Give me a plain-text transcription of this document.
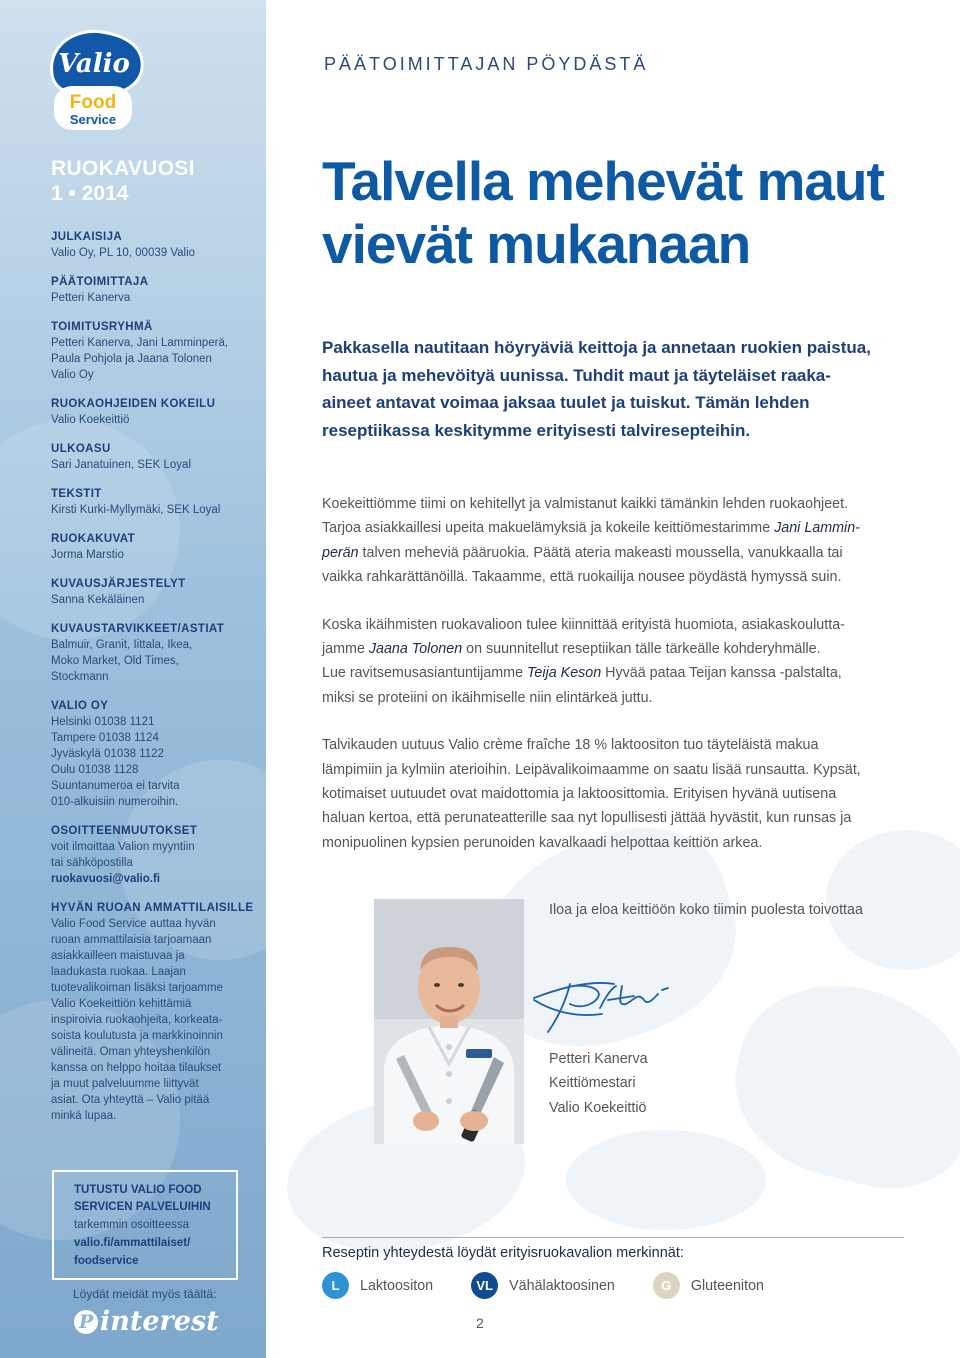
Valio
Food
Service
RUOKAVUOSI
1 • 2014
JULKAISIJA
Valio Oy, PL 10, 00039 Valio
PÄÄTOIMITTAJA
Petteri Kanerva
TOIMITUSRYHMÄ
Petteri Kanerva, Jani Lamminperä,
Paula Pohjola ja Jaana Tolonen
Valio Oy
RUOKAOHJEIDEN KOKEILU
Valio Koekeittiö
ULKOASU
Sari Janatuinen, SEK Loyal
TEKSTIT
Kirsti Kurki-Myllymäki, SEK Loyal
RUOKAKUVAT
Jorma Marstio
KUVAUSJÄRJESTELYT
Sanna Kekäläinen
KUVAUSTARVIKKEET/ASTIAT
Balmuir, Granit, Iittala, Ikea,
Moko Market, Old Times,
Stockmann
VALIO OY
Helsinki 01038 1121
Tampere 01038 1124
Jyväskylä 01038 1122
Oulu 01038 1128
Suuntanumeroa ei tarvita
010-alkuisiin numeroihin.
OSOITTEENMUUTOKSET
voit ilmoittaa Valion myyntiin
tai sähköpostilla
ruokavuosi@valio.fi
HYVÄN RUOAN AMMATTILAISILLE
Valio Food Service auttaa hyvän
ruoan ammattilaisia tarjoamaan
asiakkailleen maistuvaa ja
laadukasta ruokaa. Laajan
tuotevalikoiman lisäksi tarjoamme
Valio Koekeittiön kehittämiä
inspiroivia ruokaohjeita, korkeata-
soista koulutusta ja markkinoinnin
välineitä. Oman yhteyshenkilön
kanssa on helppo hoitaa tilaukset
ja muut palveluumme liittyvät
asiat. Ota yhteyttä – Valio pitää
minkä lupaa.
TUTUSTU VALIO FOOD
SERVICEN PALVELUIHIN
tarkemmin osoitteessa
valio.fi/ammattilaiset/
foodservice
Löydät meidät myös täältä:
P interest
PÄÄTOIMITTAJAN PÖYDÄSTÄ
Talvella mehevät maut
vievät mukanaan
Pakkasella nautitaan höyryäviä keittoja ja annetaan ruokien paistua,
hautua ja mehevöityä uunissa. Tuhdit maut ja täyteläiset raaka-
aineet antavat voimaa jaksaa tuulet ja tuiskut. Tämän lehden
reseptiikassa keskitymme erityisesti talviresepteihin.

Koekeittiömme tiimi on kehitellyt ja valmistanut kaikki tämänkin lehden ruokaohjeet.
Tarjoa asiakkaillesi upeita makuelämyksiä ja kokeile keittiömestarimme Jani Lammin-
perän talven meheviä pääruokia. Päätä ateria makeasti moussella, vanukkaalla tai
vaikka rahkarättänöillä. Takaamme, että ruokailija nousee pöydästä hymyssä suin.

Koska ikäihmisten ruokavalioon tulee kiinnittää erityistä huomiota, asiakaskoulutta-
jamme Jaana Tolonen on suunnitellut reseptiikan tälle tärkeälle kohderyhmälle.
Lue ravitsemusasiantuntijamme Teija Keson Hyvää pataa Teijan kanssa -palstalta,
miksi se proteiini on ikäihmiselle niin elintärkeä juttu.

Talvikauden uutuus Valio crème fraîche 18 % laktoositon tuo täyteläistä makua
lämpimiin ja kylmiin aterioihin. Leipävalikoimaamme on saatu lisää runsautta. Kypsät,
kotimaiset uutuudet ovat maidottomia ja laktoosittomia. Erityisen hyvänä uutisena
haluan kertoa, että perunateatterille saa nyt lopullisesti jättää hyvästit, kun runsas ja
monipuolinen kypsien perunoiden kavalkaadi helpottaa keittiön arkea.

Iloa ja eloa keittiöön koko tiimin puolesta toivottaa
Petteri Kanerva
Keittiömestari
Valio Koekeittiö
Reseptin yhteydestä löydät erityisruokavalion merkinnät:
L	Laktoositon	VL	Vähälaktoosinen	G	Gluteeniton
2
